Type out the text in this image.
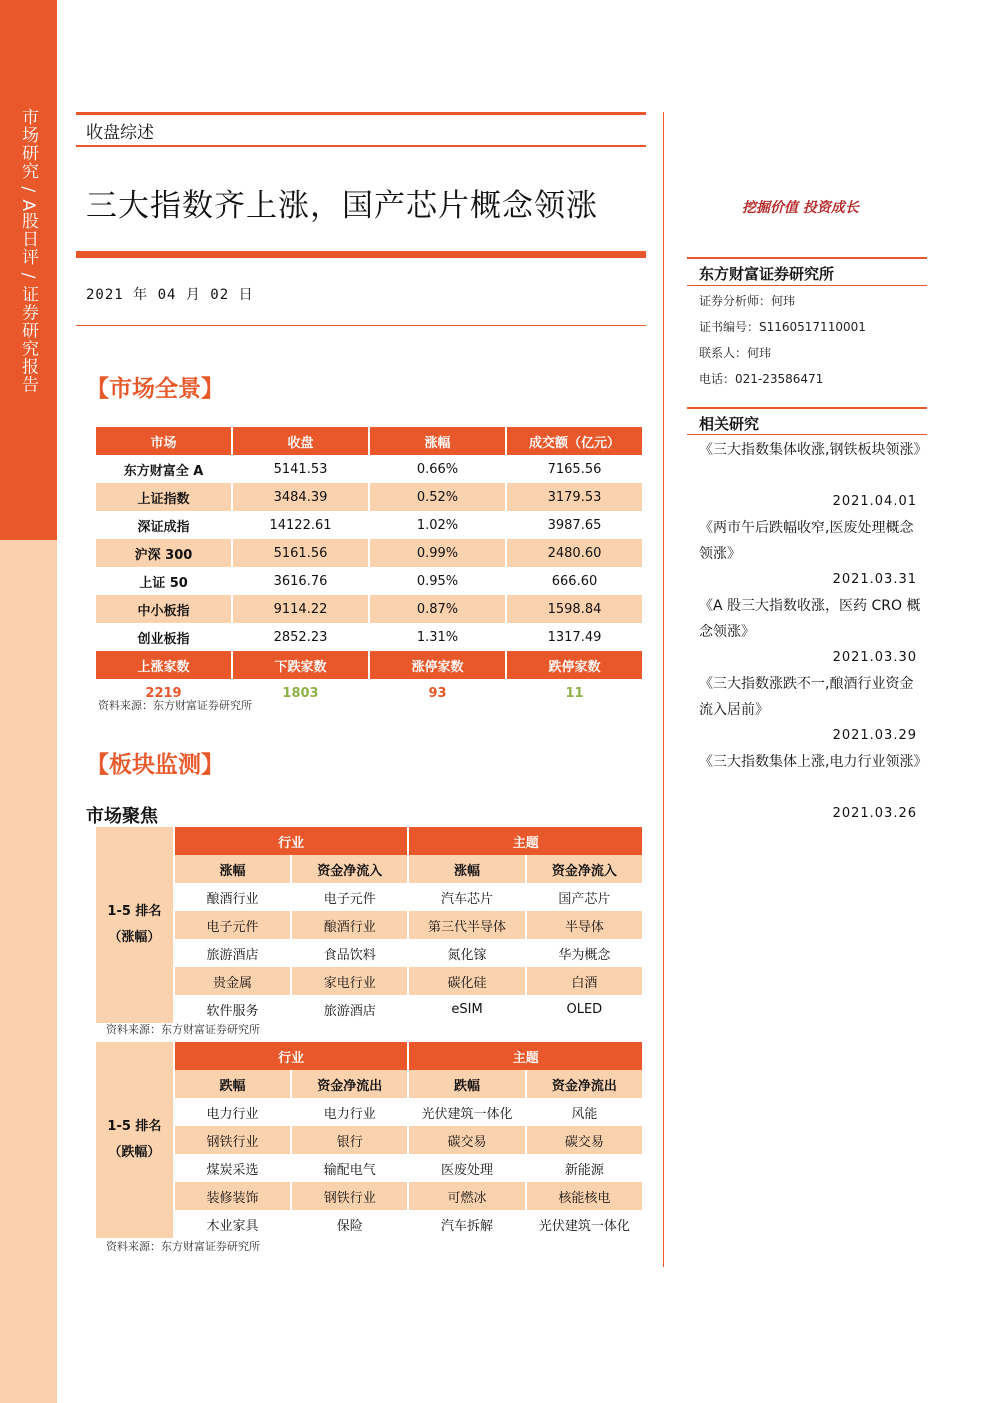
市场研究 / A股日评 / 证券研究报告	收盘综述
三大指数齐上涨，国产芯片概念领涨
2021 年 04 月 02 日
挖掘价值 投资成长
东方财富证券研究所
证券分析师：何玮
证书编号：S1160517110001
联系人：何玮
电话：021-23586471
相关研究
《三大指数集体收涨,钢铁板块领涨》
2021.04.01
《两市午后跌幅收窄,医废处理概念领涨》
2021.03.31
《A 股三大指数收涨，医药 CRO 概念领涨》
2021.03.30
《三大指数涨跌不一,酿酒行业资金流入居前》
2021.03.29
《三大指数集体上涨,电力行业领涨》
2021.03.26
【市场全景】
市场	收盘	涨幅	成交额（亿元）
东方财富全 A	5141.53	0.66%	7165.56
上证指数	3484.39	0.52%	3179.53
深证成指	14122.61	1.02%	3987.65
沪深 300	5161.56	0.99%	2480.60
上证 50	3616.76	0.95%	666.60
中小板指	9114.22	0.87%	1598.84
创业板指	2852.23	1.31%	1317.49
上涨家数	下跌家数	涨停家数	跌停家数
2219	1803	93	11
资料来源：东方财富证券研究所
【板块监测】
市场聚焦
1-5 排名
（涨幅）	行业		主题	
	涨幅	资金净流入	涨幅	资金净流入
	酿酒行业	电子元件	汽车芯片	国产芯片
	电子元件	酿酒行业	第三代半导体	半导体
	旅游酒店	食品饮料	氮化镓	华为概念
	贵金属	家电行业	碳化硅	白酒
	软件服务	旅游酒店	eSIM	OLED
资料来源：东方财富证券研究所
1-5 排名
（跌幅）	行业		主题	
	跌幅	资金净流出	跌幅	资金净流出
	电力行业	电力行业	光伏建筑一体化	风能
	钢铁行业	银行	碳交易	碳交易
	煤炭采选	输配电气	医废处理	新能源
	装修装饰	钢铁行业	可燃冰	核能核电
	木业家具	保险	汽车拆解	光伏建筑一体化
资料来源：东方财富证券研究所
